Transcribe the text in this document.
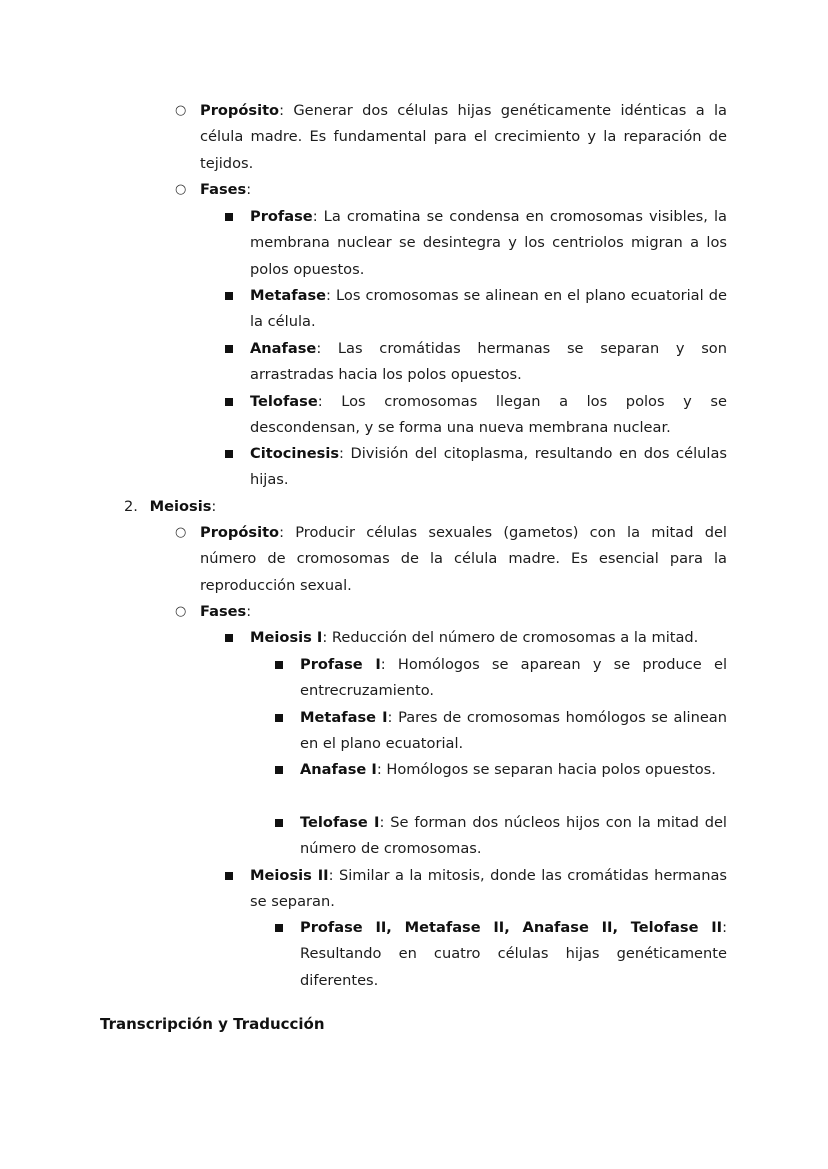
○ Propósito: Generar dos células hijas genéticamente idénticas a la célula madre. Es fundamental para el crecimiento y la reparación de tejidos.
○ Fases:
Profase: La cromatina se condensa en cromosomas visibles, la membrana nuclear se desintegra y los centriolos migran a los polos opuestos.
Metafase: Los cromosomas se alinean en el plano ecuatorial de la célula.
Anafase: Las cromátidas hermanas se separan y son arrastradas hacia los polos opuestos.
Telofase: Los cromosomas llegan a los polos y se descondensan, y se forma una nueva membrana nuclear.
Citocinesis: División del citoplasma, resultando en dos células hijas.
2. Meiosis:
○ Propósito: Producir células sexuales (gametos) con la mitad del número de cromosomas de la célula madre. Es esencial para la reproducción sexual.
○ Fases:
Meiosis I: Reducción del número de cromosomas a la mitad.
Profase I: Homólogos se aparean y se produce el entrecruzamiento.
Metafase I: Pares de cromosomas homólogos se alinean en el plano ecuatorial.
Anafase I: Homólogos se separan hacia polos opuestos.
Telofase I: Se forman dos núcleos hijos con la mitad del número de cromosomas.
Meiosis II: Similar a la mitosis, donde las cromátidas hermanas se separan.
Profase II, Metafase II, Anafase II, Telofase II: Resultando en cuatro células hijas genéticamente diferentes.
Transcripción y Traducción
